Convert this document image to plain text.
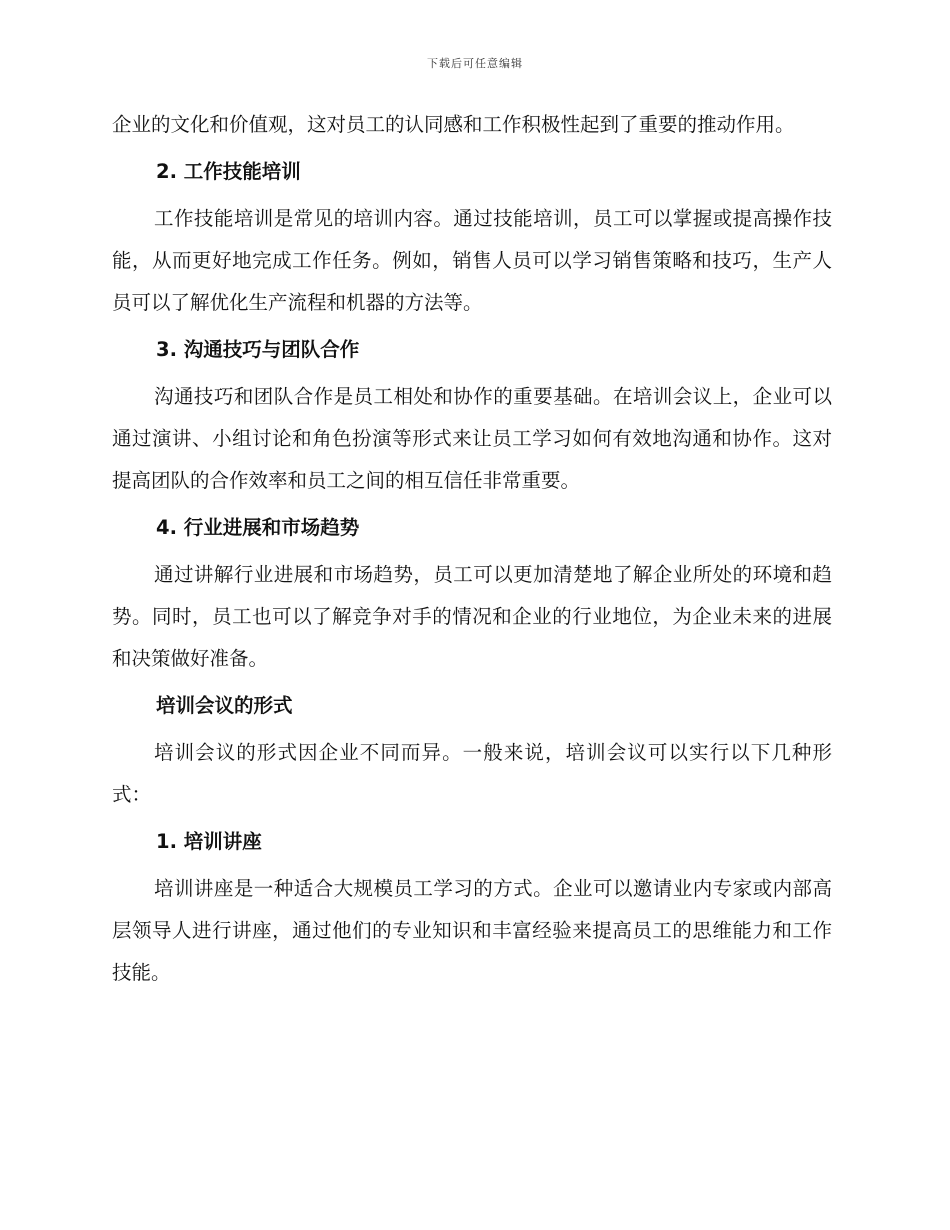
下载后可任意编辑

企业的文化和价值观，这对员工的认同感和工作积极性起到了重要的推动作用。

2. 工作技能培训

工作技能培训是常见的培训内容。通过技能培训，员工可以掌握或提高操作技能，从而更好地完成工作任务。例如，销售人员可以学习销售策略和技巧，生产人员可以了解优化生产流程和机器的方法等。

3. 沟通技巧与团队合作

沟通技巧和团队合作是员工相处和协作的重要基础。在培训会议上，企业可以通过演讲、小组讨论和角色扮演等形式来让员工学习如何有效地沟通和协作。这对提高团队的合作效率和员工之间的相互信任非常重要。

4. 行业进展和市场趋势

通过讲解行业进展和市场趋势，员工可以更加清楚地了解企业所处的环境和趋势。同时，员工也可以了解竞争对手的情况和企业的行业地位，为企业未来的进展和决策做好准备。

培训会议的形式

培训会议的形式因企业不同而异。一般来说，培训会议可以实行以下几种形式：

1. 培训讲座

培训讲座是一种适合大规模员工学习的方式。企业可以邀请业内专家或内部高层领导人进行讲座，通过他们的专业知识和丰富经验来提高员工的思维能力和工作技能。
